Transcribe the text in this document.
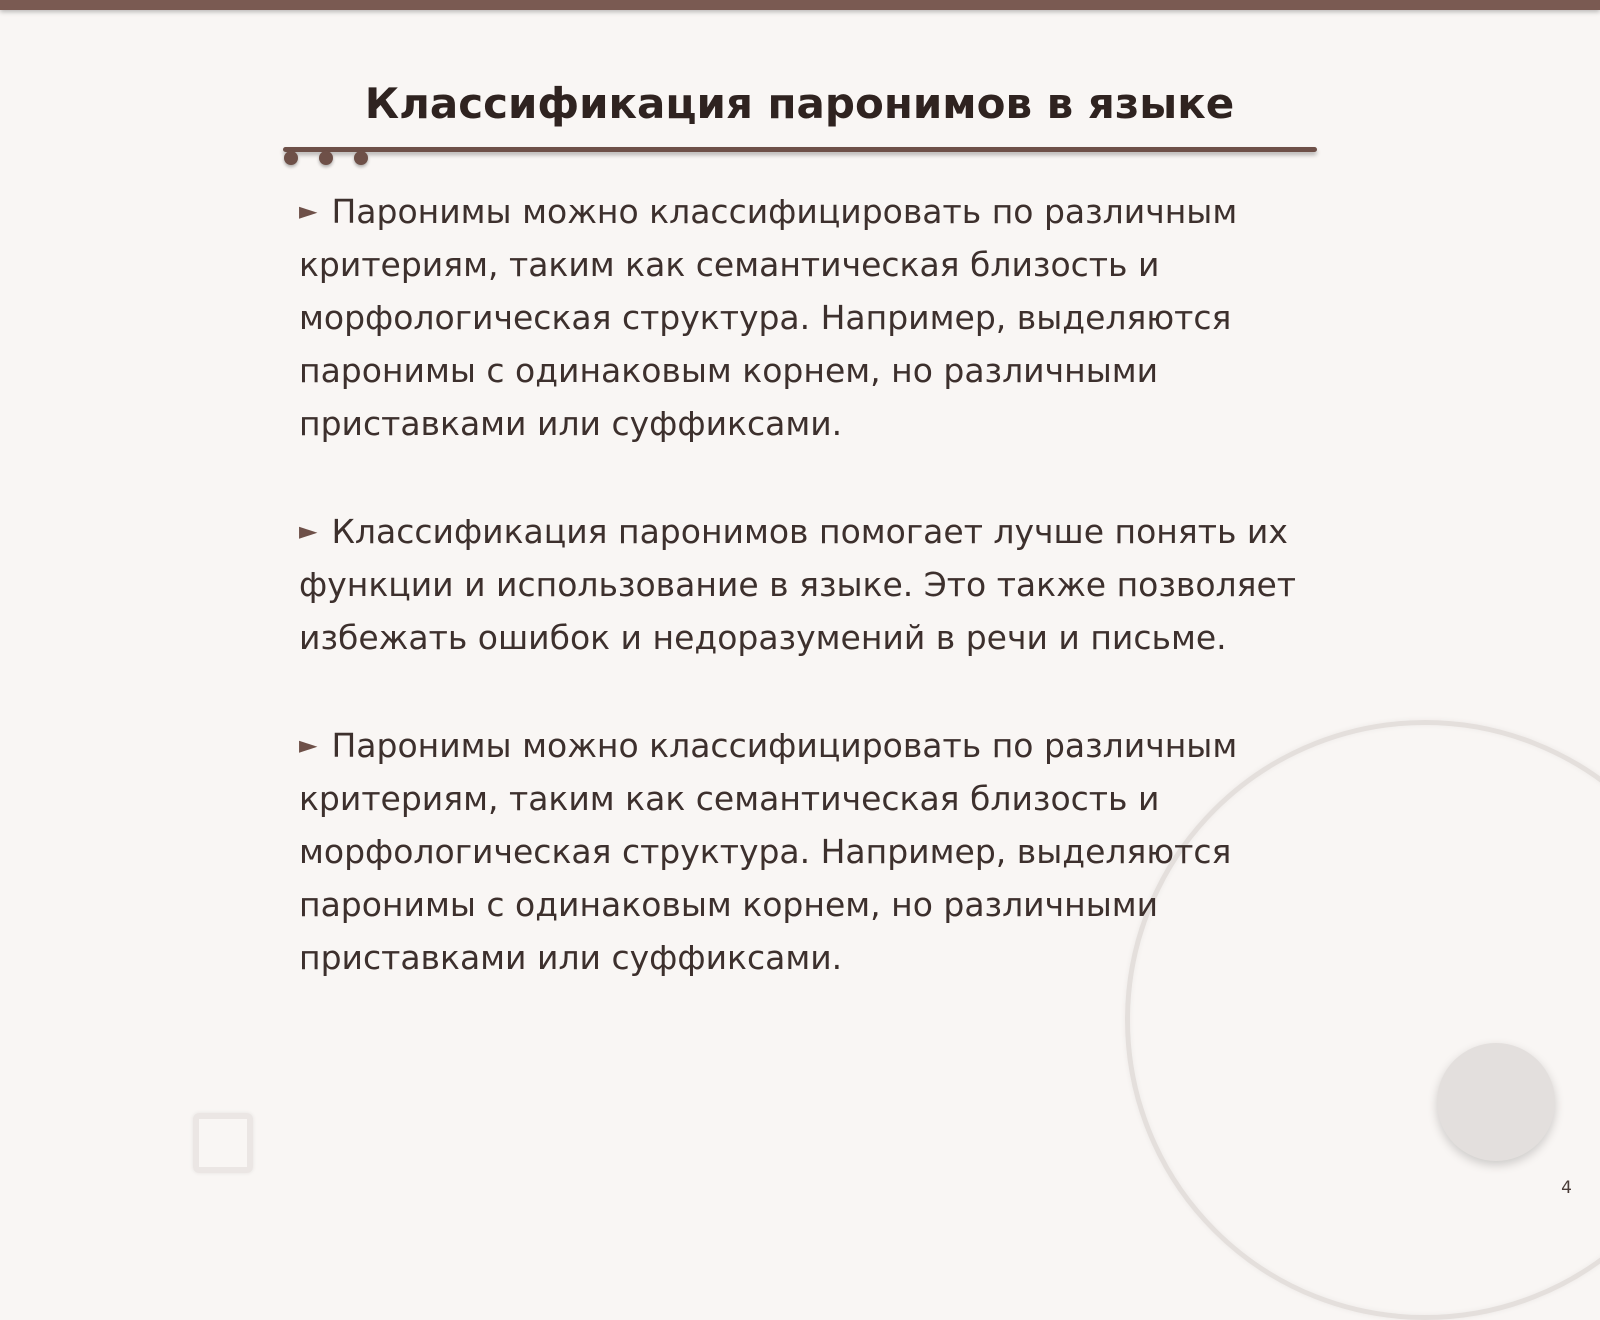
Классификация паронимов в языке

► Паронимы можно классифицировать по различным критериям, таким как семантическая близость и морфологическая структура. Например, выделяются паронимы с одинаковым корнем, но различными приставками или суффиксами.

► Классификация паронимов помогает лучше понять их функции и использование в языке. Это также позволяет избежать ошибок и недоразумений в речи и письме.

► Паронимы можно классифицировать по различным критериям, таким как семантическая близость и морфологическая структура. Например, выделяются паронимы с одинаковым корнем, но различными приставками или суффиксами.

4
